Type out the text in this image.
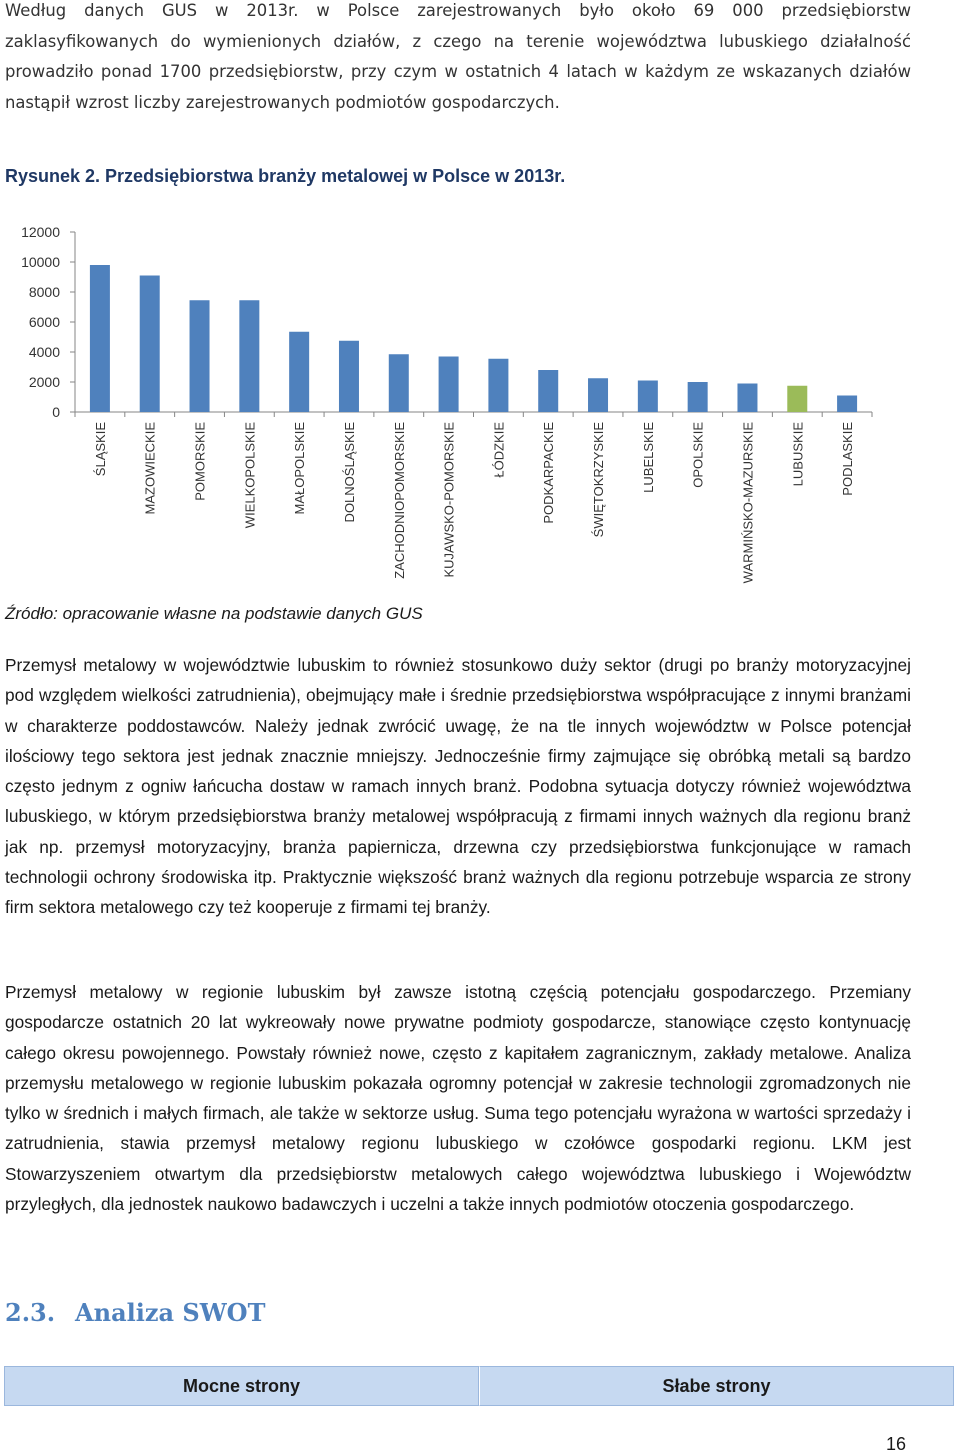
Według danych GUS w 2013r. w Polsce zarejestrowanych było około 69 000 przedsiębiorstw zaklasyfikowanych do wymienionych działów, z czego na terenie województwa lubuskiego działalność prowadziło ponad 1700 przedsiębiorstw, przy czym w ostatnich 4 latach w każdym ze wskazanych działów nastąpił wzrost liczby zarejestrowanych podmiotów gospodarczych.

Rysunek 2. Przedsiębiorstwa branży metalowej w Polsce w 2013r.

12000
10000
8000
6000
4000
2000
0
ŚLĄSKIE	MAZOWIECKIE	POMORSKIE	WIELKOPOLSKIE	MAŁOPOLSKIE	DOLNOŚLĄSKIE	ZACHODNIOPOMORSKIE	KUJAWSKO-POMORSKIE	ŁÓDZKIE	PODKARPACKIE	ŚWIĘTOKRZYSKIE	LUBELSKIE	OPOLSKIE	WARMIŃSKO-MAZURSKIE	LUBUSKIE	PODLASKIE

Źródło: opracowanie własne na podstawie danych GUS

Przemysł metalowy w województwie lubuskim to również stosunkowo duży sektor (drugi po branży motoryzacyjnej pod względem wielkości zatrudnienia), obejmujący małe i średnie przedsiębiorstwa współpracujące z innymi branżami w charakterze poddostawców. Należy jednak zwrócić uwagę, że na tle innych województw w Polsce potencjał ilościowy tego sektora jest jednak znacznie mniejszy. Jednocześnie firmy zajmujące się obróbką metali są bardzo często jednym z ogniw łańcucha dostaw w ramach innych branż. Podobna sytuacja dotyczy również województwa lubuskiego, w którym przedsiębiorstwa branży metalowej współpracują z firmami innych ważnych dla regionu branż jak np. przemysł motoryzacyjny, branża papiernicza, drzewna czy przedsiębiorstwa funkcjonujące w ramach technologii ochrony środowiska itp. Praktycznie większość branż ważnych dla regionu potrzebuje wsparcia ze strony firm sektora metalowego czy też kooperuje z firmami tej branży.

Przemysł metalowy w regionie lubuskim był zawsze istotną częścią potencjału gospodarczego. Przemiany gospodarcze ostatnich 20 lat wykreowały nowe prywatne podmioty gospodarcze, stanowiące często kontynuację całego okresu powojennego. Powstały również nowe, często z kapitałem zagranicznym, zakłady metalowe. Analiza przemysłu metalowego w regionie lubuskim pokazała ogromny potencjał w zakresie technologii zgromadzonych nie tylko w średnich i małych firmach, ale także w sektorze usług. Suma tego potencjału wyrażona w wartości sprzedaży i zatrudnienia, stawia przemysł metalowy regionu lubuskiego w czołówce gospodarki regionu. LKM jest Stowarzyszeniem otwartym dla przedsiębiorstw metalowych całego województwa lubuskiego i Województw przyległych, dla jednostek naukowo badawczych i uczelni a także innych podmiotów otoczenia gospodarczego.

2.3. Analiza SWOT
Mocne strony	Słabe strony
16
